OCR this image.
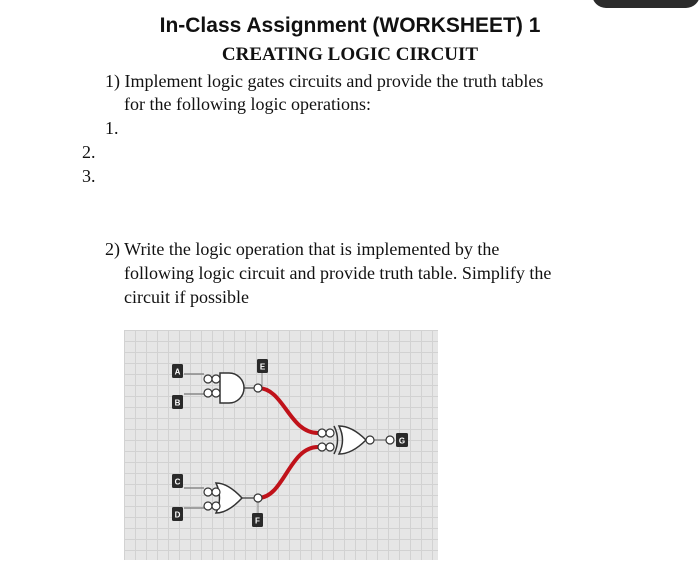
In-Class Assignment (WORKSHEET) 1
CREATING LOGIC CIRCUIT
1) Implement logic gates circuits and provide the truth tables
for the following logic operations:
1.
2.
3.
2) Write the logic operation that is implemented by the
following logic circuit and provide truth table. Simplify the
circuit if possible
A
B
C
D
E
F
G
